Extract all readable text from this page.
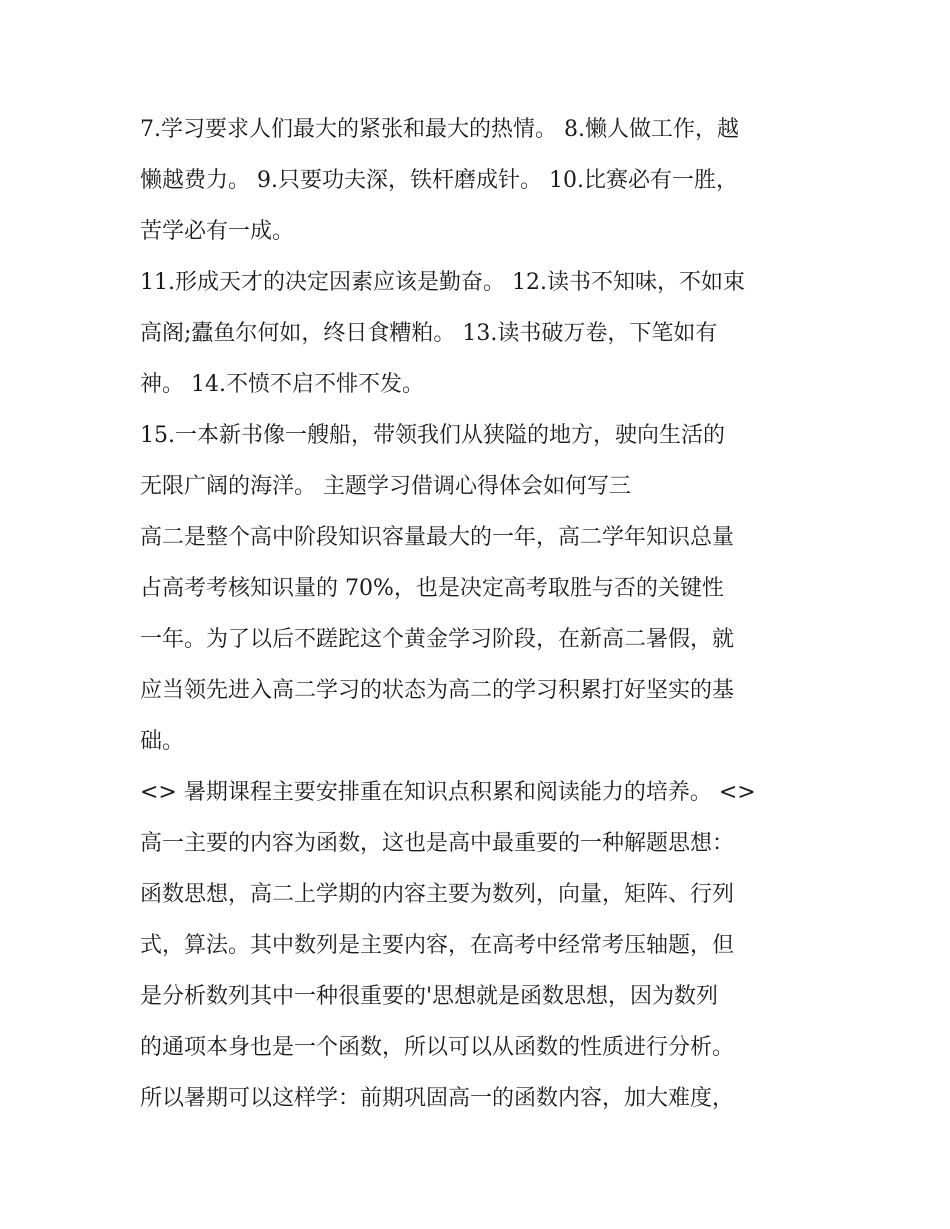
7.学习要求人们最大的紧张和最大的热情。 8.懒人做工作，越
懒越费力。 9.只要功夫深，铁杆磨成针。 10.比赛必有一胜，
苦学必有一成。
11.形成天才的决定因素应该是勤奋。 12.读书不知味，不如束
高阁;蠹鱼尔何如，终日食糟粕。 13.读书破万卷，下笔如有
神。 14.不愤不启不悱不发。
15.一本新书像一艘船，带领我们从狭隘的地方，驶向生活的
无限广阔的海洋。 主题学习借调心得体会如何写三
高二是整个高中阶段知识容量最大的一年，高二学年知识总量
占高考考核知识量的 70%，也是决定高考取胜与否的关键性
一年。为了以后不蹉跎这个黄金学习阶段，在新高二暑假，就
应当领先进入高二学习的状态为高二的学习积累打好坚实的基
础。
<> 暑期课程主要安排重在知识点积累和阅读能力的培养。 <>
高一主要的内容为函数，这也是高中最重要的一种解题思想：
函数思想，高二上学期的内容主要为数列，向量，矩阵、行列
式，算法。其中数列是主要内容，在高考中经常考压轴题，但
是分析数列其中一种很重要的'思想就是函数思想，因为数列
的通项本身也是一个函数，所以可以从函数的性质进行分析。
所以暑期可以这样学：前期巩固高一的函数内容，加大难度，
